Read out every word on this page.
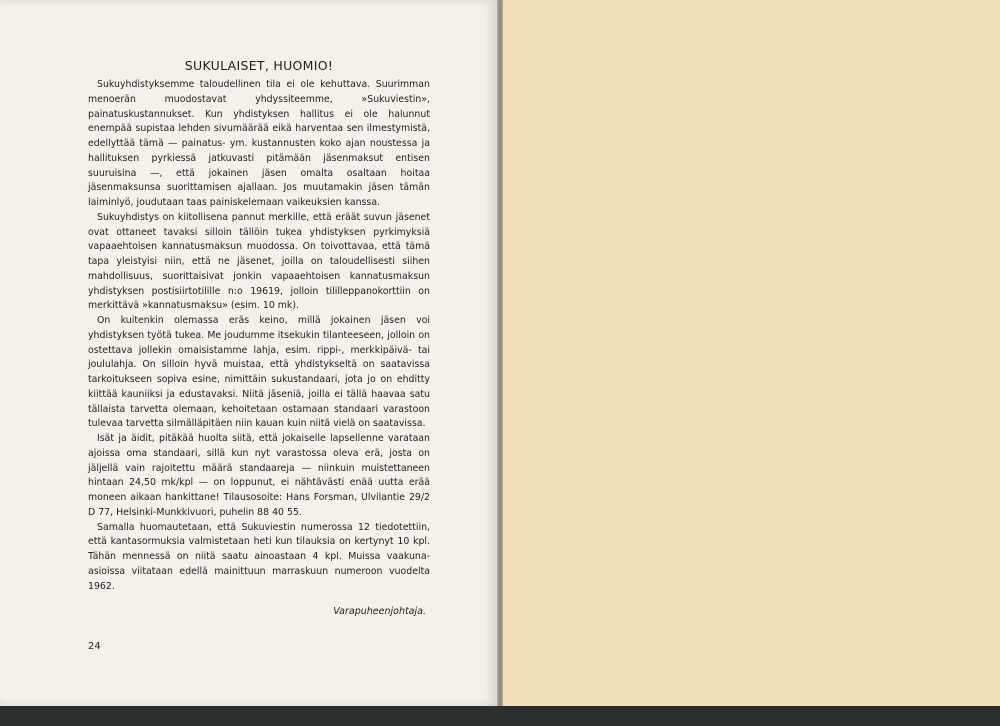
SUKULAISET, HUOMIO!

Sukuyhdistyksemme taloudellinen tila ei ole kehuttava. Suurimman menoerän muodostavat yhdyssiteemme, »Sukuviestin», painatuskustannukset. Kun yhdistyksen hallitus ei ole halunnut enempää supistaa lehden sivumäärää eikä harventaa sen ilmestymistä, edellyttää tämä — painatus- ym. kustannusten koko ajan noustessa ja hallituksen pyrkiessä jatkuvasti pitämään jäsenmaksut entisen suuruisina —, että jokainen jäsen omalta osaltaan hoitaa jäsenmaksunsa suorittamisen ajallaan. Jos muutamakin jäsen tämän laiminlyö, joudutaan taas painiskelemaan vaikeuksien kanssa.

Sukuyhdistys on kiitollisena pannut merkille, että eräät suvun jäsenet ovat ottaneet tavaksi silloin tällöin tukea yhdistyksen pyrkimyksiä vapaaehtoisen kannatusmaksun muodossa. On toivottavaa, että tämä tapa yleistyisi niin, että ne jäsenet, joilla on taloudellisesti siihen mahdollisuus, suorittaisivat jonkin vapaaehtoisen kannatusmaksun yhdistyksen postisiirtotilille n:o 19619, jolloin tililleppanokorttiin on merkittävä »kannatusmaksu» (esim. 10 mk).

On kuitenkin olemassa eräs keino, millä jokainen jäsen voi yhdistyksen työtä tukea. Me joudumme itsekukin tilanteeseen, jolloin on ostettava jollekin omaisistamme lahja, esim. rippi-, merkkipäivä- tai joululahja. On silloin hyvä muistaa, että yhdistykseltä on saatavissa tarkoitukseen sopiva esine, nimittäin sukustandaari, jota jo on ehditty kiittää kauniiksi ja edustavaksi. Niitä jäseniä, joilla ei tällä haavaa satu tällaista tarvetta olemaan, kehoitetaan ostamaan standaari varastoon tulevaa tarvetta silmälläpitäen niin kauan kuin niitä vielä on saatavissa.

Isät ja äidit, pitäkää huolta siitä, että jokaiselle lapsellenne varataan ajoissa oma standaari, sillä kun nyt varastossa oleva erä, josta on jäljellä vain rajoitettu määrä standaareja — niinkuin muistettaneen hintaan 24,50 mk/kpl — on loppunut, ei nähtävästi enää uutta erää moneen aikaan hankittane! Tilausosoite: Hans Forsman, Ulvilantie 29/2 D 77, Helsinki-Munkkivuori, puhelin 88 40 55.

Samalla huomautetaan, että Sukuviestin numerossa 12 tiedotettiin, että kantasormuksia valmistetaan heti kun tilauksia on kertynyt 10 kpl. Tähän mennessä on niitä saatu ainoastaan 4 kpl. Muissa vaakuna-asioissa viitataan edellä mainittuun marraskuun numeroon vuodelta 1962.

Varapuheenjohtaja.
24
